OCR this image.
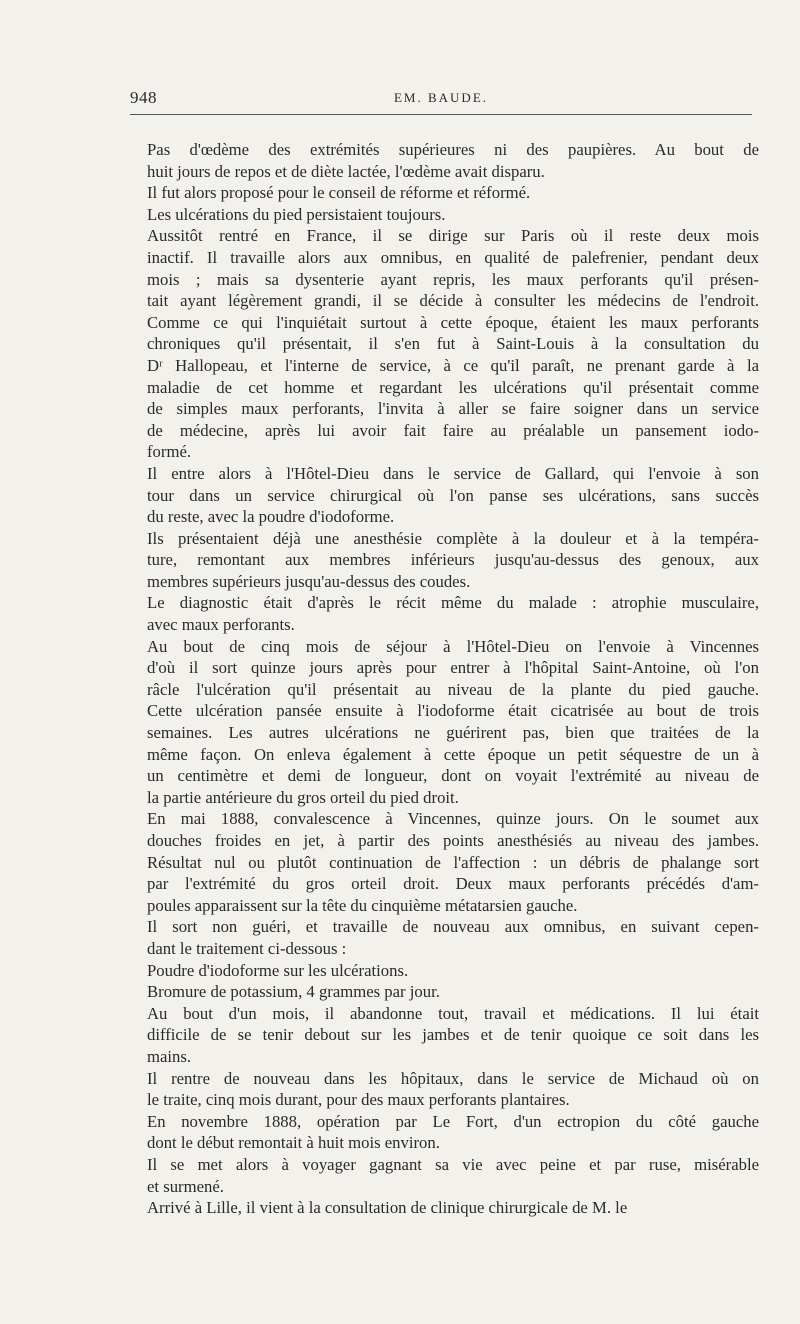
948	EM. BAUDE.
Pas d'œdème des extrémités supérieures ni des paupières. Au bout de
huit jours de repos et de diète lactée, l'œdème avait disparu.
Il fut alors proposé pour le conseil de réforme et réformé.
Les ulcérations du pied persistaient toujours.
Aussitôt rentré en France, il se dirige sur Paris où il reste deux mois
inactif. Il travaille alors aux omnibus, en qualité de palefrenier, pendant deux
mois ; mais sa dysenterie ayant repris, les maux perforants qu'il présen-
tait ayant légèrement grandi, il se décide à consulter les médecins de l'endroit.
Comme ce qui l'inquiétait surtout à cette époque, étaient les maux perforants
chroniques qu'il présentait, il s'en fut à Saint-Louis à la consultation du
Dʳ Hallopeau, et l'interne de service, à ce qu'il paraît, ne prenant garde à la
maladie de cet homme et regardant les ulcérations qu'il présentait comme
de simples maux perforants, l'invita à aller se faire soigner dans un service
de médecine, après lui avoir fait faire au préalable un pansement iodo-
formé.
Il entre alors à l'Hôtel-Dieu dans le service de Gallard, qui l'envoie à son
tour dans un service chirurgical où l'on panse ses ulcérations, sans succès
du reste, avec la poudre d'iodoforme.
Ils présentaient déjà une anesthésie complète à la douleur et à la tempéra-
ture, remontant aux membres inférieurs jusqu'au-dessus des genoux, aux
membres supérieurs jusqu'au-dessus des coudes.
Le diagnostic était d'après le récit même du malade : atrophie musculaire,
avec maux perforants.
Au bout de cinq mois de séjour à l'Hôtel-Dieu on l'envoie à Vincennes
d'où il sort quinze jours après pour entrer à l'hôpital Saint-Antoine, où l'on
râcle l'ulcération qu'il présentait au niveau de la plante du pied gauche.
Cette ulcération pansée ensuite à l'iodoforme était cicatrisée au bout de trois
semaines. Les autres ulcérations ne guérirent pas, bien que traitées de la
même façon. On enleva également à cette époque un petit séquestre de un à
un centimètre et demi de longueur, dont on voyait l'extrémité au niveau de
la partie antérieure du gros orteil du pied droit.
En mai 1888, convalescence à Vincennes, quinze jours. On le soumet aux
douches froides en jet, à partir des points anesthésiés au niveau des jambes.
Résultat nul ou plutôt continuation de l'affection : un débris de phalange sort
par l'extrémité du gros orteil droit. Deux maux perforants précédés d'am-
poules apparaissent sur la tête du cinquième métatarsien gauche.
Il sort non guéri, et travaille de nouveau aux omnibus, en suivant cepen-
dant le traitement ci-dessous :
Poudre d'iodoforme sur les ulcérations.
Bromure de potassium, 4 grammes par jour.
Au bout d'un mois, il abandonne tout, travail et médications. Il lui était
difficile de se tenir debout sur les jambes et de tenir quoique ce soit dans les
mains.
Il rentre de nouveau dans les hôpitaux, dans le service de Michaud où on
le traite, cinq mois durant, pour des maux perforants plantaires.
En novembre 1888, opération par Le Fort, d'un ectropion du côté gauche
dont le début remontait à huit mois environ.
Il se met alors à voyager gagnant sa vie avec peine et par ruse, misérable
et surmené.
Arrivé à Lille, il vient à la consultation de clinique chirurgicale de M. le
